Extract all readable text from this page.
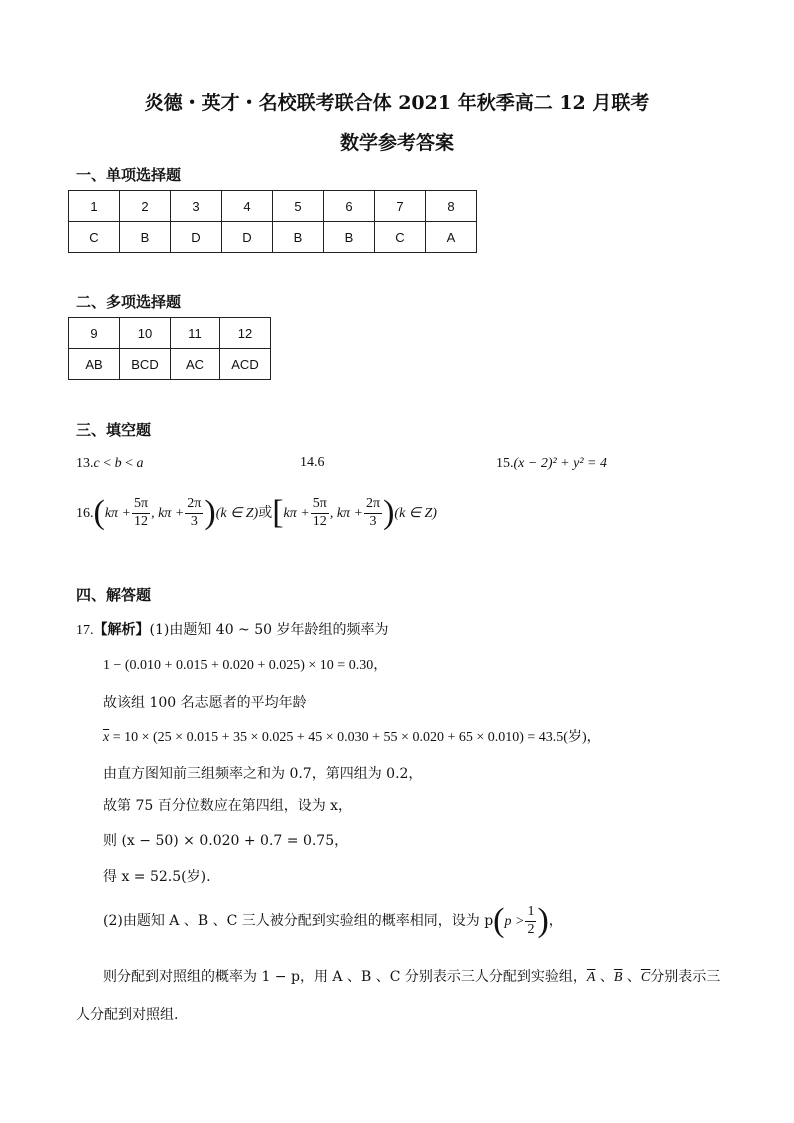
炎德・英才・名校联考联合体 2021 年秋季高二 12 月联考
数学参考答案
一、单项选择题
1	2	3	4	5	6	7	8
C	B	D	D	B	B	C	A
二、多项选择题
9	10	11	12
AB	BCD	AC	ACD
三、填空题
13.c < b < a	14.6	15.(x − 2)² + y² = 4
$16.(k\pi + \frac{5\pi}{12}$ , $k\pi + \frac{2\pi}{3} )(k$ ∈ Z)或[$k\pi + \frac{5\pi}{12}$ , $k\pi + \frac{2\pi}{3} )(k$ ∈ Z)
四、解答题
17.【解析】(1)由题知 40 ~ 50 岁年龄组的频率为
1 − (0.010 + 0.015 + 0.020 + 0.025) × 10 = 0.30，
故该组 100 名志愿者的平均年龄
$\overline{x} = 10 \times (25 \times 0.015 + 35 \times 0.025 + 45 \times 0.030 + 55 \times 0.020 + 65 \times 0.010) = 43.5$(岁)，
由直方图知前三组频率之和为 0.7，第四组为 0.2，
故第 75 百分位数应在第四组，设为 x，
则 (x − 50) × 0.020 + 0.7 = 0.75，
得 x = 52.5(岁).
(2)由题知 A 、B 、C 三人被分配到实验组的概率相同，设为 $p(p > \frac{1}{2}$ )，
则分配到对照组的概率为 1 − p，用 A 、B 、C 分别表示三人分配到实验组，$\overline{A}$ 、$\overline{B}$ 、$\overline{C}$分别表示三
人分配到对照组.
